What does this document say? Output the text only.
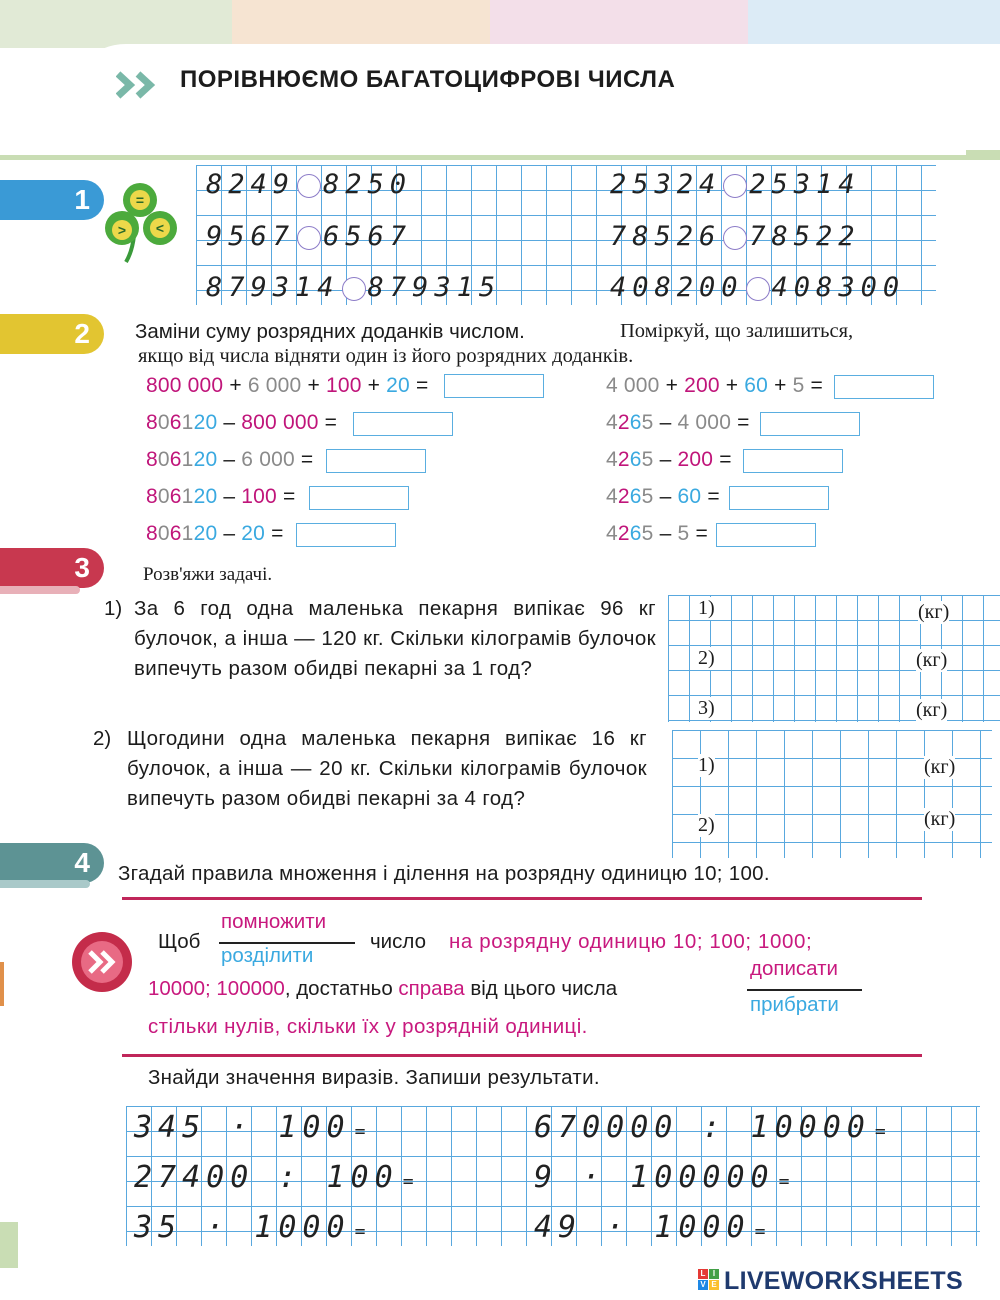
ПОРІВНЮЄМО БАГАТОЦИФРОВІ ЧИСЛА
1	=
> <
8249 8250
9567 6567
879314 879315
25324 25314
78526 78522
408200 408300
2	Заміни суму розрядних доданків числом.	Поміркуй, що залишиться,
якщо від числа відняти один із його розрядних доданків.
800 000 + 6 000 + 100 + 20 =
806120 – 800 000 =
806120 – 6 000 =
806120 – 100 =
806120 – 20 =
4 000 + 200 + 60 + 5 =
4265 – 4 000 =
4265 – 200 =
4265 – 60 =
4265 – 5 =
3	Розв'яжи задачі.
1) За 6 год одна маленька пекарня випікає 96 кг булочок, а інша — 120 кг. Скільки кілограмів булочок випечуть разом обидві пекарні за 1 год?
2) Щогодини одна маленька пекарня випікає 16 кг булочок, а інша — 20 кг. Скільки кілограмів булочок випечуть разом обидві пекарні за 4 год?
1)
2)
3)
(кг)
(кг)
(кг)
1)
2)
(кг)
(кг)
4	Згадай правила множення і ділення на розрядну одиницю 10; 100.
Щоб
помножити
розділити
число на розрядну одиницю 10; 100; 1000;
10000; 100000, достатньо справа від цього числа
дописати
прибрати
стільки нулів, скільки їх у розрядній одиниці.
Знайди значення виразів. Запиши результати.
345 · 100 =
27400 : 100 =
35 · 1000 =
670000 : 10000 =
9 · 100000 =
49 · 1000 =
L I
V E LIVEWORKSHEETS
